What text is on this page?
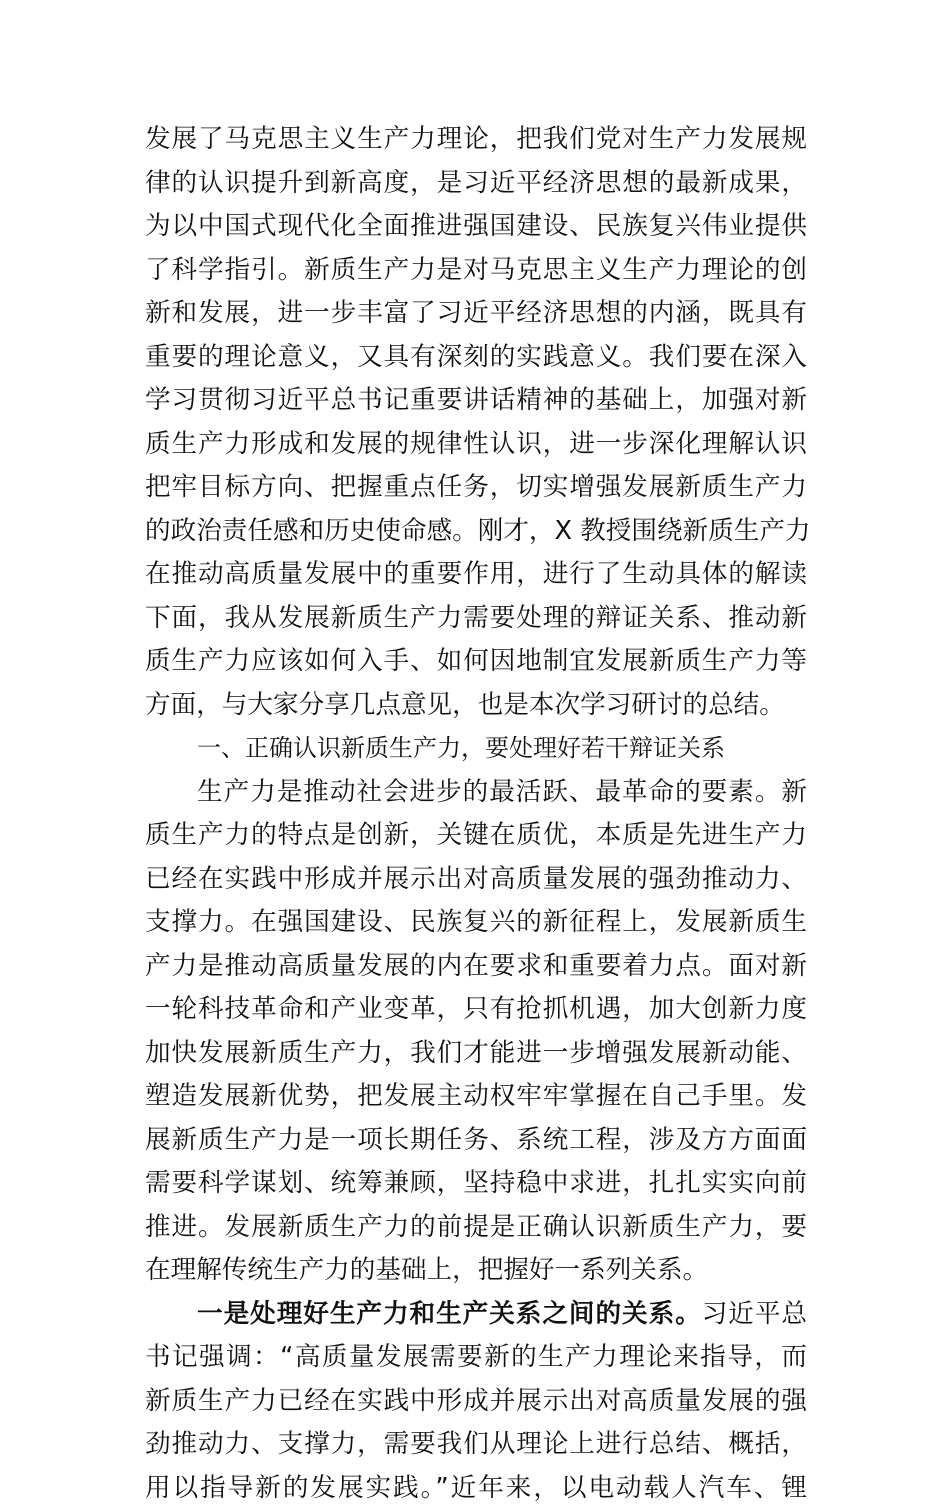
发展了马克思主义生产力理论，把我们党对生产力发展规
律的认识提升到新高度，是习近平经济思想的最新成果，
为以中国式现代化全面推进强国建设、民族复兴伟业提供
了科学指引。新质生产力是对马克思主义生产力理论的创
新和发展，进一步丰富了习近平经济思想的内涵，既具有
重要的理论意义，又具有深刻的实践意义。我们要在深入
学习贯彻习近平总书记重要讲话精神的基础上，加强对新
质生产力形成和发展的规律性认识，进一步深化理解认识
把牢目标方向、把握重点任务，切实增强发展新质生产力
的政治责任感和历史使命感。刚才，X 教授围绕新质生产力
在推动高质量发展中的重要作用，进行了生动具体的解读
下面，我从发展新质生产力需要处理的辩证关系、推动新
质生产力应该如何入手、如何因地制宜发展新质生产力等
方面，与大家分享几点意见，也是本次学习研讨的总结。
一、正确认识新质生产力，要处理好若干辩证关系
生产力是推动社会进步的最活跃、最革命的要素。新
质生产力的特点是创新，关键在质优，本质是先进生产力
已经在实践中形成并展示出对高质量发展的强劲推动力、
支撑力。在强国建设、民族复兴的新征程上，发展新质生
产力是推动高质量发展的内在要求和重要着力点。面对新
一轮科技革命和产业变革，只有抢抓机遇，加大创新力度
加快发展新质生产力，我们才能进一步增强发展新动能、
塑造发展新优势，把发展主动权牢牢掌握在自己手里。发
展新质生产力是一项长期任务、系统工程，涉及方方面面
需要科学谋划、统筹兼顾，坚持稳中求进，扎扎实实向前
推进。发展新质生产力的前提是正确认识新质生产力，要
在理解传统生产力的基础上，把握好一系列关系。
一是处理好生产力和生产关系之间的关系。习近平总
书记强调：“高质量发展需要新的生产力理论来指导，而
新质生产力已经在实践中形成并展示出对高质量发展的强
劲推动力、支撑力，需要我们从理论上进行总结、概括，
用以指导新的发展实践。”近年来，以电动载人汽车、锂
